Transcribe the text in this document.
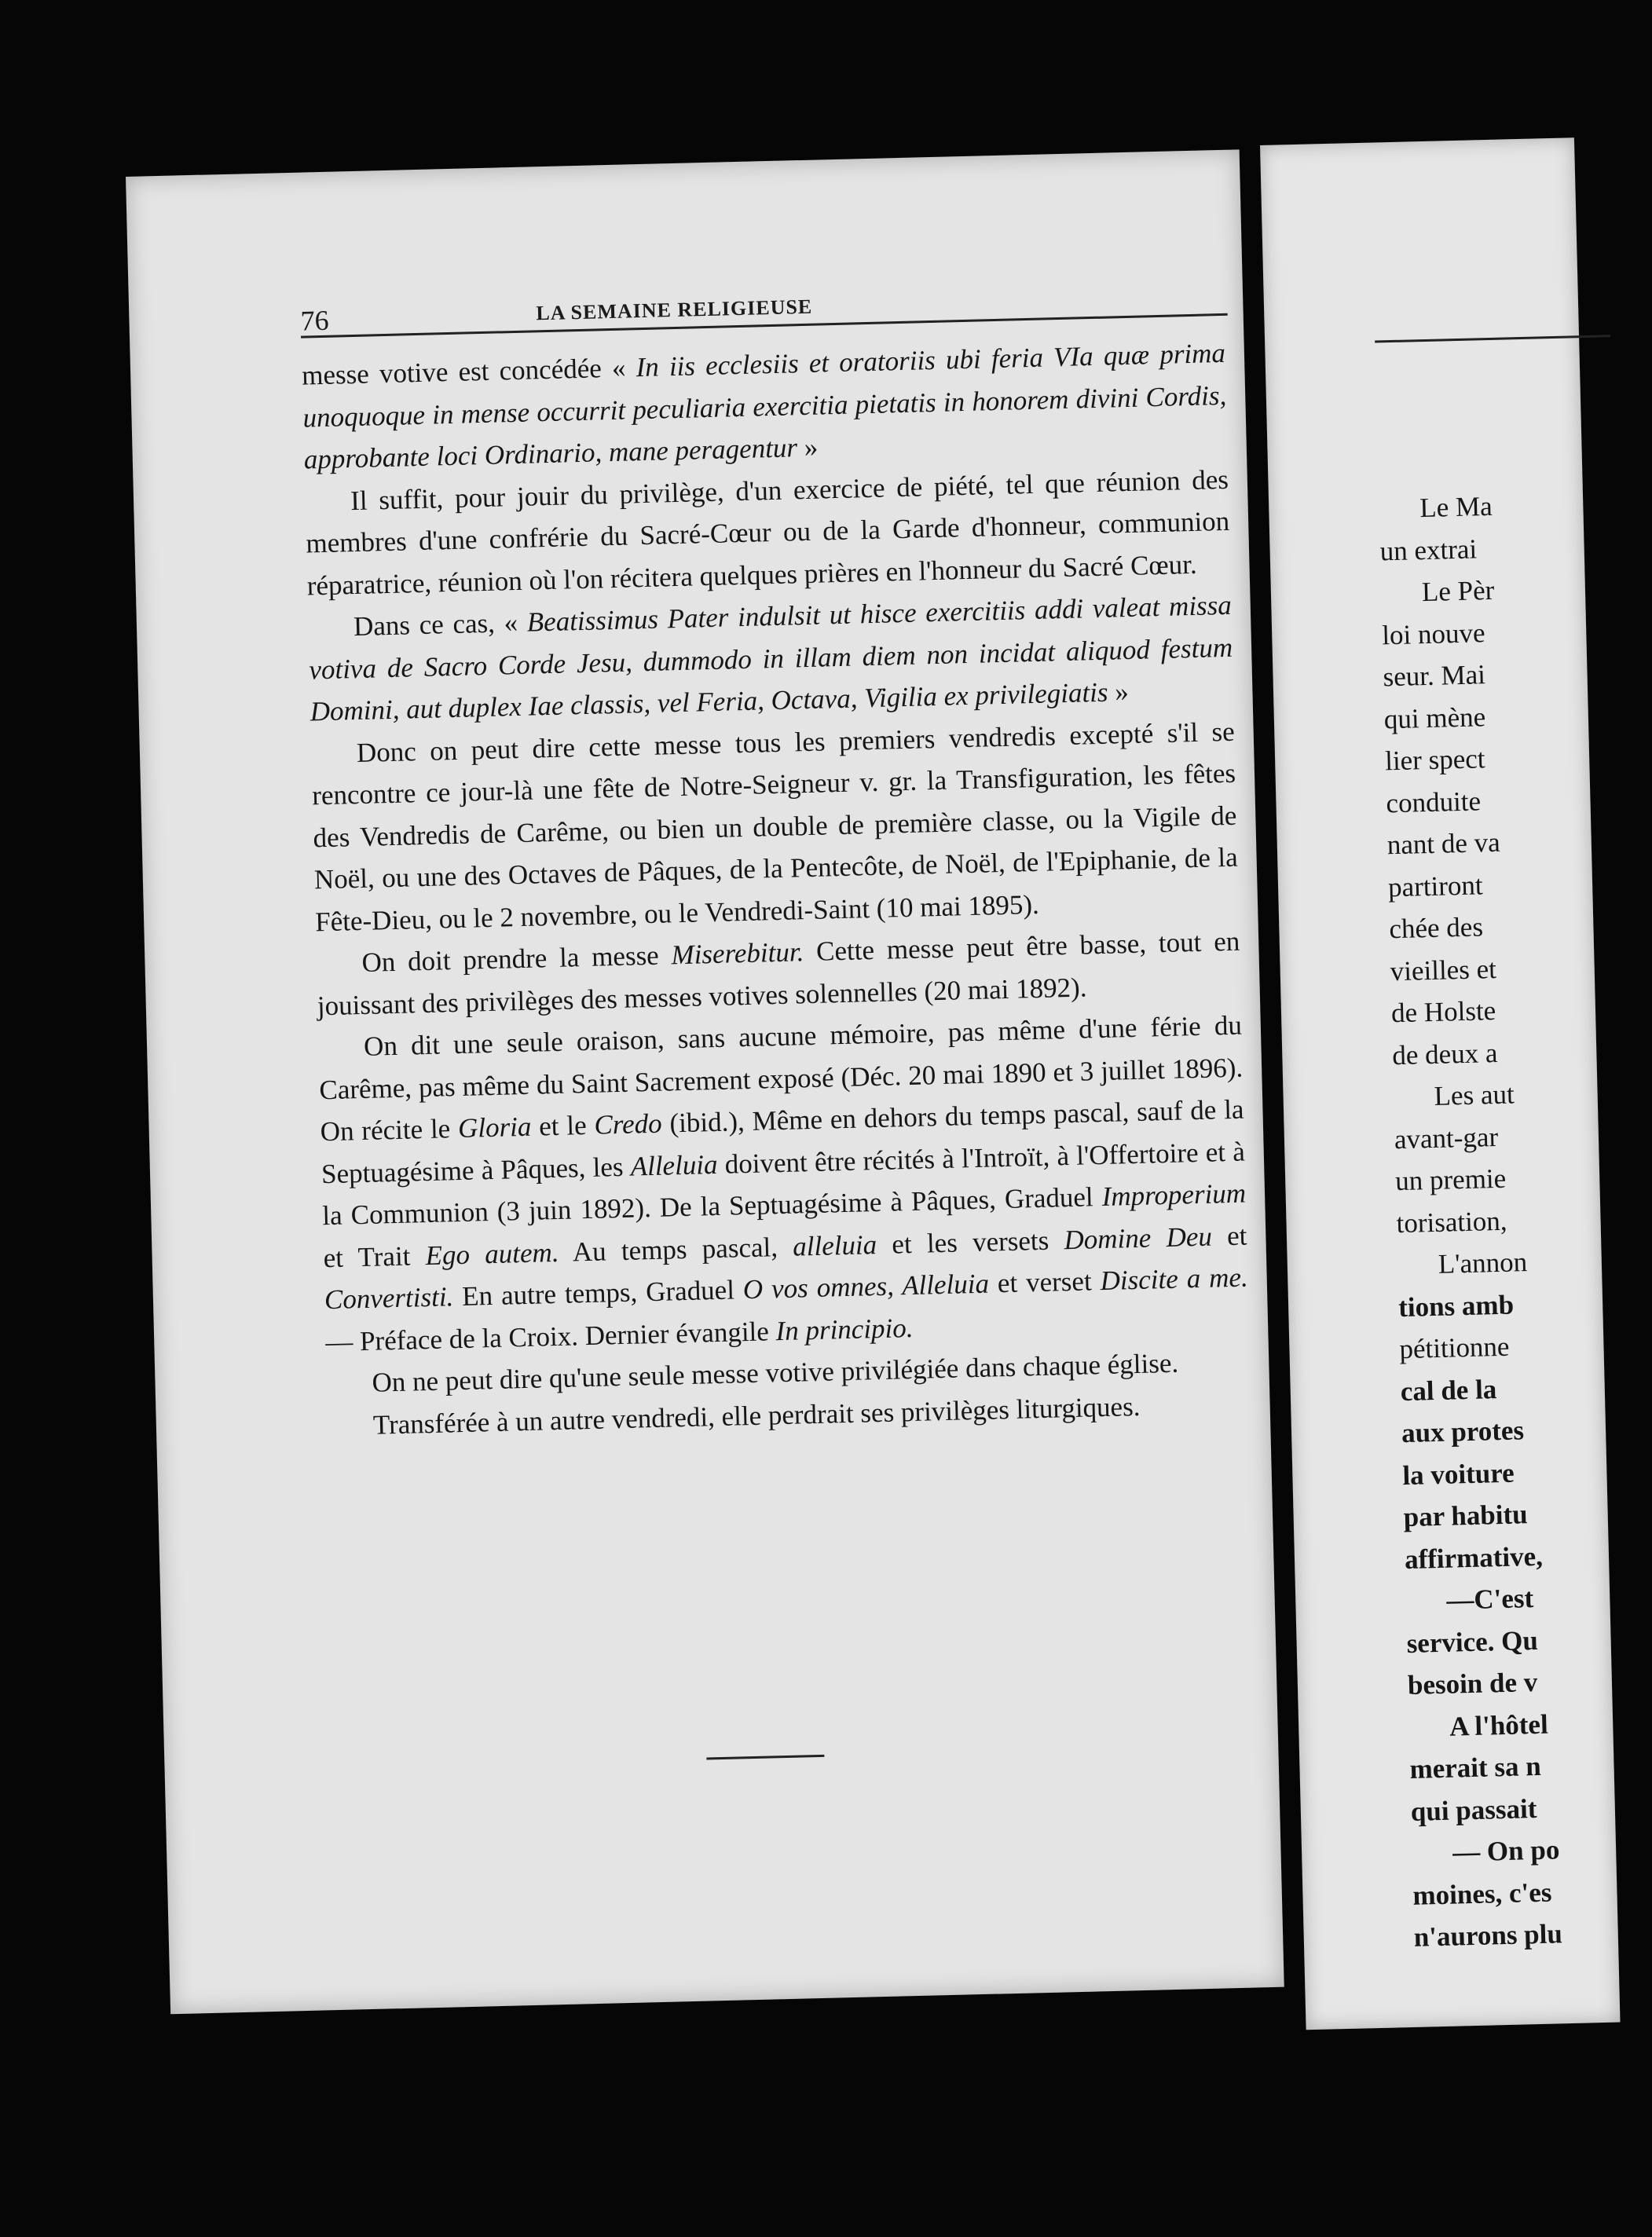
76	LA SEMAINE RELIGIEUSE

messe votive est concédée « In iis ecclesiis et oratoriis ubi feria VIa quæ prima unoquoque in mense occurrit peculiaria exercitia pietatis in honorem divini Cordis, approbante loci Ordinario, mane peragentur »

Il suffit, pour jouir du privilège, d'un exercice de piété, tel que réunion des membres d'une confrérie du Sacré-Cœur ou de la Garde d'honneur, communion réparatrice, réunion où l'on récitera quelques prières en l'honneur du Sacré Cœur.

Dans ce cas, « Beatissimus Pater indulsit ut hisce exercitiis addi valeat missa votiva de Sacro Corde Jesu, dummodo in illam diem non incidat aliquod festum Domini, aut duplex Iae classis, vel Feria, Octava, Vigilia ex privilegiatis »

Donc on peut dire cette messe tous les premiers vendredis excepté s'il se rencontre ce jour-là une fête de Notre-Seigneur v. gr. la Transfiguration, les fêtes des Vendredis de Carême, ou bien un double de première classe, ou la Vigile de Noël, ou une des Octaves de Pâques, de la Pentecôte, de Noël, de l'Epiphanie, de la Fête-Dieu, ou le 2 novembre, ou le Vendredi-Saint (10 mai 1895).

On doit prendre la messe Miserebitur. Cette messe peut être basse, tout en jouissant des privilèges des messes votives solennelles (20 mai 1892).

On dit une seule oraison, sans aucune mémoire, pas même d'une férie du Carême, pas même du Saint Sacrement exposé (Déc. 20 mai 1890 et 3 juillet 1896). On récite le Gloria et le Credo (ibid.), Même en dehors du temps pascal, sauf de la Septuagésime à Pâques, les Alleluia doivent être récités à l'Introït, à l'Offertoire et à la Communion (3 juin 1892). De la Septuagésime à Pâques, Graduel Improperium et Trait Ego autem. Au temps pascal, alleluia et les versets Domine Deu et Convertisti. En autre temps, Graduel O vos omnes, Alleluia et verset Discite a me. — Préface de la Croix. Dernier évangile In principio.

On ne peut dire qu'une seule messe votive privilégiée dans chaque église.

Transférée à un autre vendredi, elle perdrait ses privilèges liturgiques.

Le Ma
un extrai
Le Pèr
loi nouve
seur. Mai
qui mène
lier spect
conduite
nant de va
partiront
chée des
vieilles et
de Holste
de deux a
Les aut
avant-gar
un premie
torisation,
L'annon
tions amb
pétitionne
cal de la
aux protes
la voiture
par habitu
affirmative,
—C'est
service. Qu
besoin de v
A l'hôtel
merait sa n
qui passait
— On po
moines, c'es
n'aurons plu
